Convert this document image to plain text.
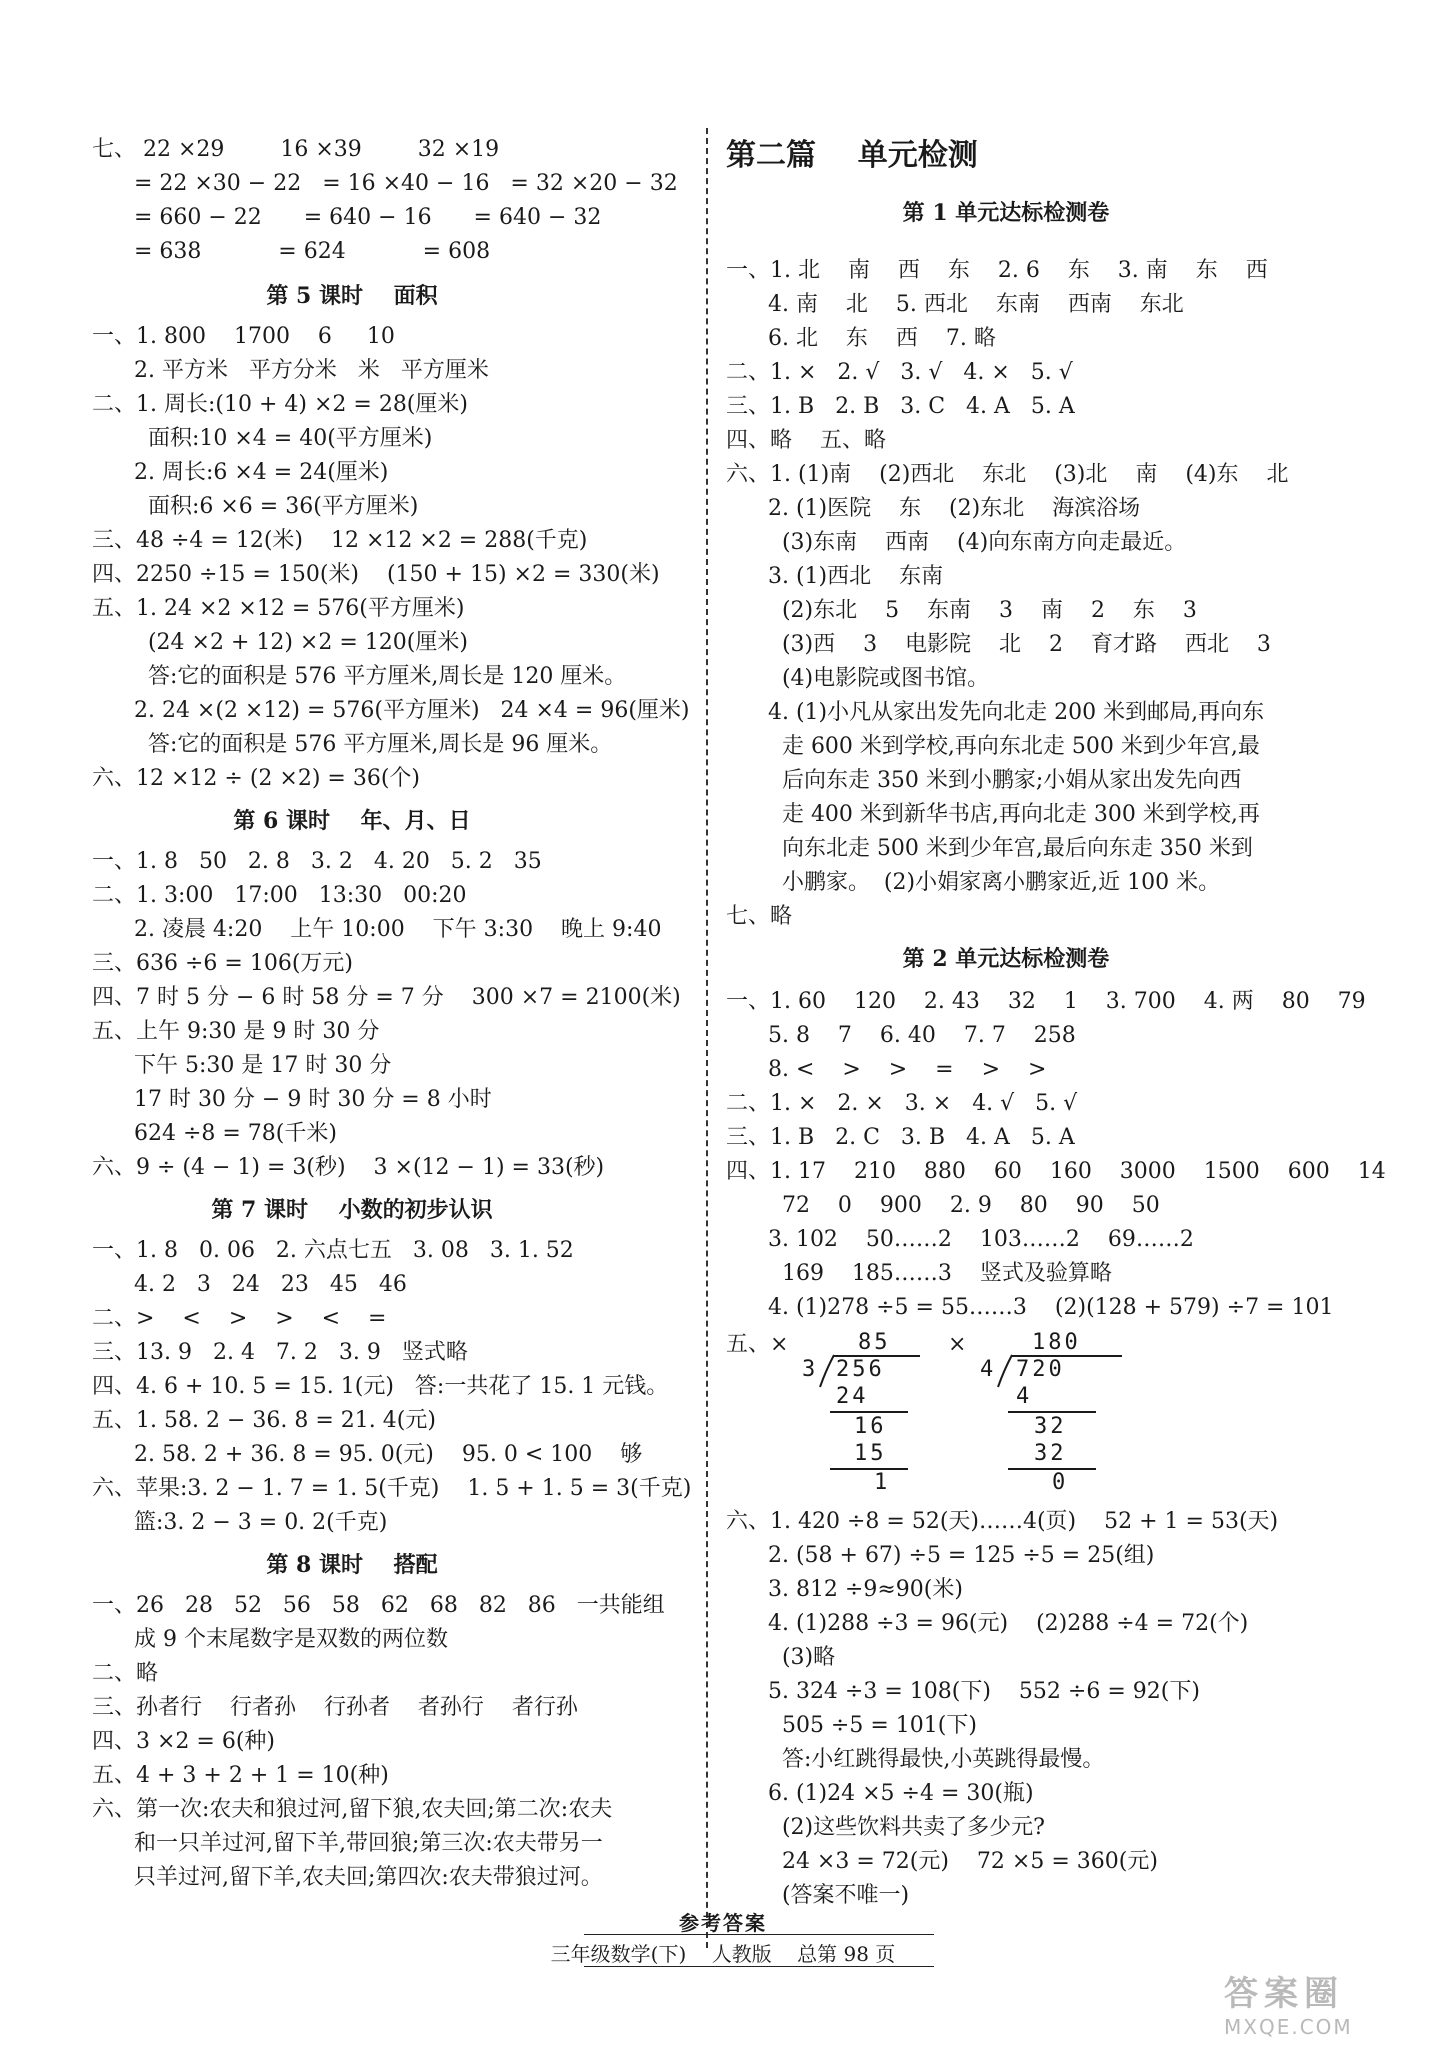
七、 22 ×29        16 ×39        32 ×19
= 22 ×30 − 22   = 16 ×40 − 16   = 32 ×20 − 32
= 660 − 22      = 640 − 16      = 640 − 32
= 638           = 624           = 608
第 5 课时    面积
一、1. 800    1700    6     10
2. 平方米   平方分米   米   平方厘米
二、1. 周长:(10 + 4) ×2 = 28(厘米)
面积:10 ×4 = 40(平方厘米)
2. 周长:6 ×4 = 24(厘米)
面积:6 ×6 = 36(平方厘米)
三、48 ÷4 = 12(米)    12 ×12 ×2 = 288(千克)
四、2250 ÷15 = 150(米)    (150 + 15) ×2 = 330(米)
五、1. 24 ×2 ×12 = 576(平方厘米)
(24 ×2 + 12) ×2 = 120(厘米)
答:它的面积是 576 平方厘米,周长是 120 厘米。
2. 24 ×(2 ×12) = 576(平方厘米)   24 ×4 = 96(厘米)
答:它的面积是 576 平方厘米,周长是 96 厘米。
六、12 ×12 ÷ (2 ×2) = 36(个)
第 6 课时    年、月、日
一、1. 8   50   2. 8   3. 2   4. 20   5. 2   35
二、1. 3:00   17:00   13:30   00:20
2. 凌晨 4:20    上午 10:00    下午 3:30    晚上 9:40
三、636 ÷6 = 106(万元)
四、7 时 5 分 − 6 时 58 分 = 7 分    300 ×7 = 2100(米)
五、上午 9:30 是 9 时 30 分
下午 5:30 是 17 时 30 分
17 时 30 分 − 9 时 30 分 = 8 小时
624 ÷8 = 78(千米)
六、9 ÷ (4 − 1) = 3(秒)    3 ×(12 − 1) = 33(秒)
第 7 课时    小数的初步认识
一、1. 8   0. 06   2. 六点七五   3. 08   3. 1. 52
4. 2   3   24   23   45   46
二、>    <    >    >    <    =
三、13. 9   2. 4   7. 2   3. 9   竖式略
四、4. 6 + 10. 5 = 15. 1(元)   答:一共花了 15. 1 元钱。
五、1. 58. 2 − 36. 8 = 21. 4(元)
2. 58. 2 + 36. 8 = 95. 0(元)    95. 0 < 100    够
六、苹果:3. 2 − 1. 7 = 1. 5(千克)    1. 5 + 1. 5 = 3(千克)
篮:3. 2 − 3 = 0. 2(千克)
第 8 课时    搭配
一、26   28   52   56   58   62   68   82   86   一共能组
成 9 个末尾数字是双数的两位数
二、略
三、孙者行    行者孙    行孙者    者孙行    者行孙
四、3 ×2 = 6(种)
五、4 + 3 + 2 + 1 = 10(种)
六、第一次:农夫和狼过河,留下狼,农夫回;第二次:农夫
和一只羊过河,留下羊,带回狼;第三次:农夫带另一
只羊过河,留下羊,农夫回;第四次:农夫带狼过河。
第二篇    单元检测
第 1 单元达标检测卷
一、1. 北    南    西    东    2. 6    东    3. 南    东    西
4. 南    北    5. 西北    东南    西南    东北
6. 北    东    西    7. 略
二、1. ×   2. √   3. √   4. ×   5. √
三、1. B   2. B   3. C   4. A   5. A
四、略    五、略
六、1. (1)南    (2)西北    东北    (3)北    南    (4)东    北
2. (1)医院    东    (2)东北    海滨浴场
(3)东南    西南    (4)向东南方向走最近。
3. (1)西北    东南
(2)东北    5    东南    3    南    2    东    3
(3)西    3    电影院    北    2    育才路    西北    3
(4)电影院或图书馆。
4. (1)小凡从家出发先向北走 200 米到邮局,再向东
走 600 米到学校,再向东北走 500 米到少年宫,最
后向东走 350 米到小鹏家;小娟从家出发先向西
走 400 米到新华书店,再向北走 300 米到学校,再
向东北走 500 米到少年宫,最后向东走 350 米到
小鹏家。  (2)小娟家离小鹏家近,近 100 米。
七、略
第 2 单元达标检测卷
一、1. 60    120    2. 43    32    1    3. 700    4. 两    80    79
5. 8    7    6. 40    7. 7    258
8. <    >    >    =    >    >
二、1. ×   2. ×   3. ×   4. √   5. √
三、1. B   2. C   3. B   4. A   5. A
四、1. 17    210    880    60    160    3000    1500    600    14
72    0    900    2. 9    80    90    50
3. 102    50……2    103……2    69……2
169    185……3    竖式及验算略
4. (1)278 ÷5 = 55……3    (2)(128 + 579) ÷7 = 101
五、×	85
3 256
24
16
15
1
×	180
4 720
4
32
32
0
六、1. 420 ÷8 = 52(天)……4(页)    52 + 1 = 53(天)
2. (58 + 67) ÷5 = 125 ÷5 = 25(组)
3. 812 ÷9≈90(米)
4. (1)288 ÷3 = 96(元)    (2)288 ÷4 = 72(个)
(3)略
5. 324 ÷3 = 108(下)    552 ÷6 = 92(下)
505 ÷5 = 101(下)
答:小红跳得最快,小英跳得最慢。
6. (1)24 ×5 ÷4 = 30(瓶)
(2)这些饮料共卖了多少元?
24 ×3 = 72(元)    72 ×5 = 360(元)
(答案不唯一)
参考答案
三年级数学(下)    人教版    总第 98 页
答案圈
MXQE.COM
